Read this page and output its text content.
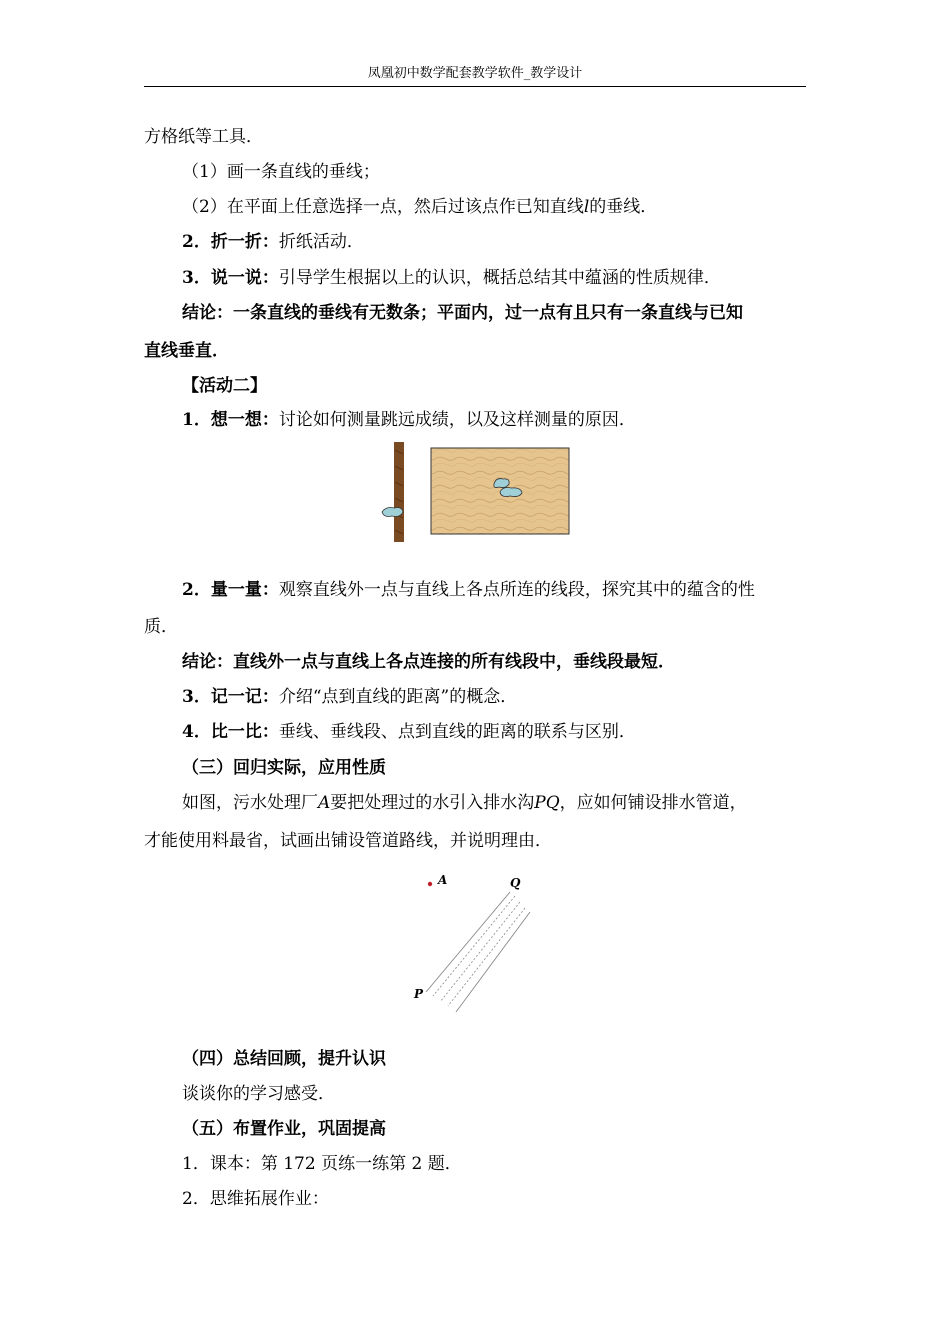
凤凰初中数学配套教学软件_教学设计
方格纸等工具．
（1）画一条直线的垂线；
（2）在平面上任意选择一点，然后过该点作已知直线l的垂线．
2．折一折：折纸活动．
3．说一说：引导学生根据以上的认识，概括总结其中蕴涵的性质规律．
结论：一条直线的垂线有无数条；平面内，过一点有且只有一条直线与已知
直线垂直．
【活动二】
1．想一想：讨论如何测量跳远成绩，以及这样测量的原因．
2．量一量：观察直线外一点与直线上各点所连的线段，探究其中的蕴含的性
质．
结论：直线外一点与直线上各点连接的所有线段中，垂线段最短．
3．记一记：介绍“点到直线的距离”的概念．
4．比一比：垂线、垂线段、点到直线的距离的联系与区别．
（三）回归实际，应用性质
如图，污水处理厂A要把处理过的水引入排水沟PQ，应如何铺设排水管道，
才能使用料最省，试画出铺设管道路线，并说明理由．
A	Q
P
（四）总结回顾，提升认识
谈谈你的学习感受．
（五）布置作业，巩固提高
1．课本：第 172 页练一练第 2 题．
2．思维拓展作业：
